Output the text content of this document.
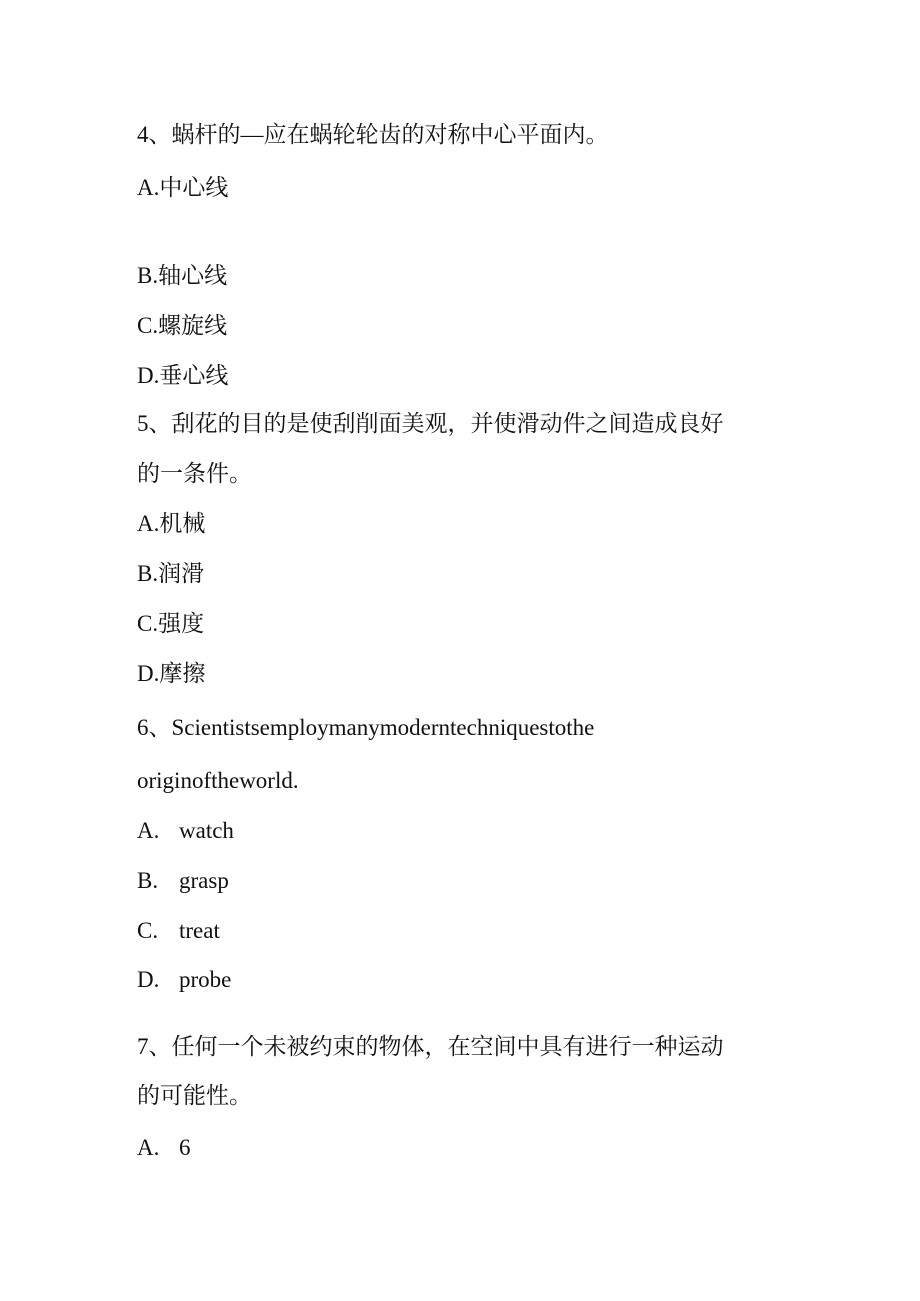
4、蜗杆的—应在蜗轮轮齿的对称中心平面内。
A.中心线
B.轴心线
C.螺旋线
D.垂心线
5、刮花的目的是使刮削面美观，并使滑动件之间造成良好
的一条件。
A.机械
B.润滑
C.强度
D.摩擦
6、Scientistsemploymanymoderntechniquestothe
originoftheworld.
A. watch
B. grasp
C. treat
D. probe
7、任何一个未被约束的物体，在空间中具有进行一种运动
的可能性。
A. 6
